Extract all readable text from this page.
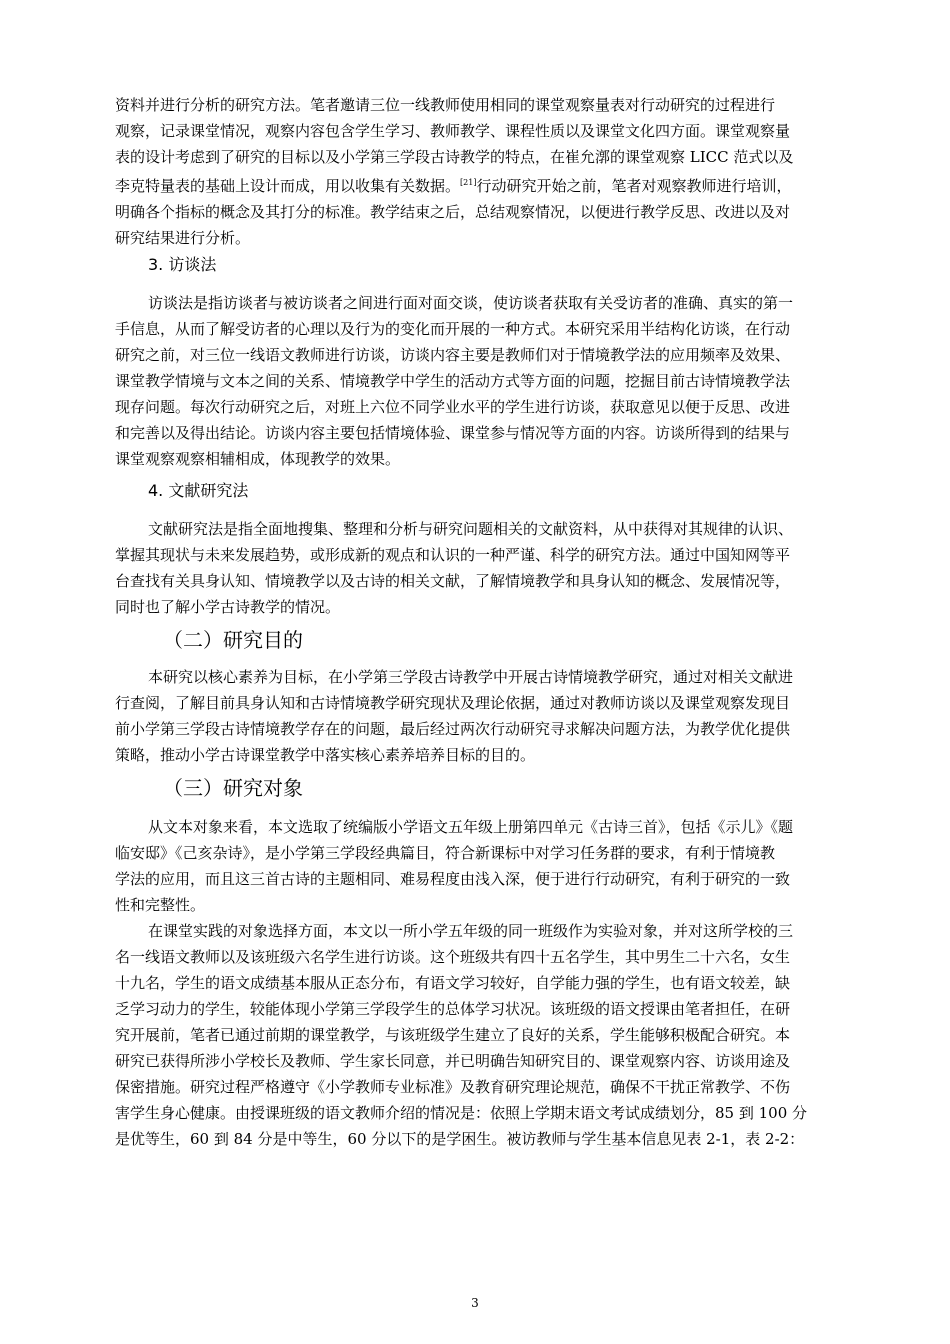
资料并进行分析的研究方法。笔者邀请三位一线教师使用相同的课堂观察量表对行动研究的过程进行
观察，记录课堂情况，观察内容包含学生学习、教师教学、课程性质以及课堂文化四方面。课堂观察量
表的设计考虑到了研究的目标以及小学第三学段古诗教学的特点，在崔允漷的课堂观察 LICC 范式以及
李克特量表的基础上设计而成，用以收集有关数据。[21]行动研究开始之前，笔者对观察教师进行培训，
明确各个指标的概念及其打分的标准。教学结束之后，总结观察情况，以便进行教学反思、改进以及对
研究结果进行分析。
3. 访谈法
访谈法是指访谈者与被访谈者之间进行面对面交谈，使访谈者获取有关受访者的准确、真实的第一
手信息，从而了解受访者的心理以及行为的变化而开展的一种方式。本研究采用半结构化访谈，在行动
研究之前，对三位一线语文教师进行访谈，访谈内容主要是教师们对于情境教学法的应用频率及效果、
课堂教学情境与文本之间的关系、情境教学中学生的活动方式等方面的问题，挖掘目前古诗情境教学法
现存问题。每次行动研究之后，对班上六位不同学业水平的学生进行访谈，获取意见以便于反思、改进
和完善以及得出结论。访谈内容主要包括情境体验、课堂参与情况等方面的内容。访谈所得到的结果与
课堂观察观察相辅相成，体现教学的效果。
4. 文献研究法
文献研究法是指全面地搜集、整理和分析与研究问题相关的文献资料，从中获得对其规律的认识、
掌握其现状与未来发展趋势，或形成新的观点和认识的一种严谨、科学的研究方法。通过中国知网等平
台查找有关具身认知、情境教学以及古诗的相关文献，了解情境教学和具身认知的概念、发展情况等，
同时也了解小学古诗教学的情况。
（二）研究目的
本研究以核心素养为目标，在小学第三学段古诗教学中开展古诗情境教学研究，通过对相关文献进
行查阅，了解目前具身认知和古诗情境教学研究现状及理论依据，通过对教师访谈以及课堂观察发现目
前小学第三学段古诗情境教学存在的问题，最后经过两次行动研究寻求解决问题方法，为教学优化提供
策略，推动小学古诗课堂教学中落实核心素养培养目标的目的。
（三）研究对象
从文本对象来看，本文选取了统编版小学语文五年级上册第四单元《古诗三首》，包括《示儿》《题
临安邸》《己亥杂诗》，是小学第三学段经典篇目，符合新课标中对学习任务群的要求，有利于情境教
学法的应用，而且这三首古诗的主题相同、难易程度由浅入深，便于进行行动研究，有利于研究的一致
性和完整性。
在课堂实践的对象选择方面，本文以一所小学五年级的同一班级作为实验对象，并对这所学校的三
名一线语文教师以及该班级六名学生进行访谈。这个班级共有四十五名学生，其中男生二十六名，女生
十九名，学生的语文成绩基本服从正态分布，有语文学习较好，自学能力强的学生，也有语文较差，缺
乏学习动力的学生，较能体现小学第三学段学生的总体学习状况。该班级的语文授课由笔者担任，在研
究开展前，笔者已通过前期的课堂教学，与该班级学生建立了良好的关系，学生能够积极配合研究。本
研究已获得所涉小学校长及教师、学生家长同意，并已明确告知研究目的、课堂观察内容、访谈用途及
保密措施。研究过程严格遵守《小学教师专业标准》及教育研究理论规范，确保不干扰正常教学、不伤
害学生身心健康。由授课班级的语文教师介绍的情况是：依照上学期末语文考试成绩划分，85 到 100 分
是优等生，60 到 84 分是中等生，60 分以下的是学困生。被访教师与学生基本信息见表 2-1，表 2-2：
3
